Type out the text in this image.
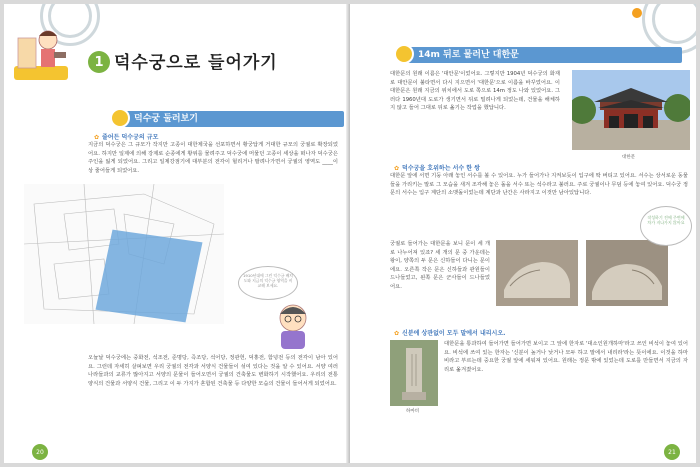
1 덕수궁으로 들어가기
덕수궁 둘러보기
✿ 줄어든 덕수궁의 규모
지금의 덕수궁은 그 규모가 작지만 고종이 대한제국을 선포하면서 황궁답게 거대한 규모의 궁궐로 확장되었어요. 하지만 일제에 의해 강제로 순종에게 황위를 물려주고 덕수궁에 머물던 고종이 세상을 떠나자 덕수궁은 주인을 잃게 되었어요. 그리고 일제강점기에 대부분의 전각이 헐리거나 팔려나가면서 궁궐의 영역도 ____이상 줄어들게 되었어요.
1910년대에 그린 덕수궁 배치도와 지금의 덕수궁 영역을 비교해 보세요.
오늘날 덕수궁에는 중화전, 석조전, 준명당, 즉조당, 석어당, 정관헌, 덕홍전, 함녕전 등의 전각이 남아 있어요. 그런데 자세히 살펴보면 우리 궁궐의 전각과 서양식 건물들이 섞여 있다는 것을 알 수 있어요. 서양 여러 나라들과의 교류가 많아지고 서양의 문물이 들어오면서 궁궐의 건축물도 변화하기 시작했어요. 우리의 전통양식의 건물과 서양식 건물, 그리고 이 두 가지가 혼합된 건축물 등 다양한 모습의 건물이 들어서게 되었어요.
20
14m 뒤로 물러난 대한문
대한문의 원래 이름은 '대안문'이었어요. 그렇지만 1904년 덕수궁의 화재로 대안문이 불타면서 다시 지으면서 '대한문'으로 이름을 바꾸었어요. 이 대한문은 원래 지금의 위치에서 도로 쪽으로 14m 정도 나와 있었어요. 그러다 1960년대 도로가 생기면서 뒤로 밀려나게 되었는데, 건물을 해체하지 않고 들어 그대로 뒤로 옮기는 작업을 했답니다.
대한문
✿ 덕수궁을 호위하는 서수 한 쌍
대한문 앞에 서면 기둥 아래 놓인 서수를 볼 수 있어요. 누가 들어가나 지켜보듯이 입구에 딱 버티고 있어요. 서수는 상서로운 동물들을 가리키는 말로 그 모습을 새겨 조각해 놓은 돌을 서수 또는 석수라고 불러요. 주로 궁궐이나 무덤 등에 놓여 있어요. 덕수궁 정문의 서수는 입구 계단의 소맷돌이었는데 계단과 난간은 사라지고 이것만 남아있답니다.
궁궐로 들어가는 대한문을 보니 문이 세 개로 나누어져 있죠? 세 개의 문 중 가운데는 왕이, 양쪽의 두 문은 신하들이 다니는 문이에요. 오른쪽 작은 문은 신하들과 관원들이 드나들었고, 왼쪽 문은 군사들이 드나들었어요.
작성하기 전에 주변에 차가 지나가지 않아요
✿ 신분에 상관없이 모두 말에서 내리시오.
하마비
대한문을 통과하여 들어가면 들어가면 보이고 그 앞에 한자로 '대소인원개하마'라고 쓰인 비석이 놓여 있어요. 비석에 쓰여 있는 한자는 '신분이 높거나 낮거나 모두 하고 말에서 내리라'라는 뜻이에요. 이것을 하마비라고 부르는데 중요한 궁궐 앞에 세워져 있어요. 원래는 정문 밖에 있었는데 도로를 만들면서 지금의 자리로 옮겨졌어요.
21
